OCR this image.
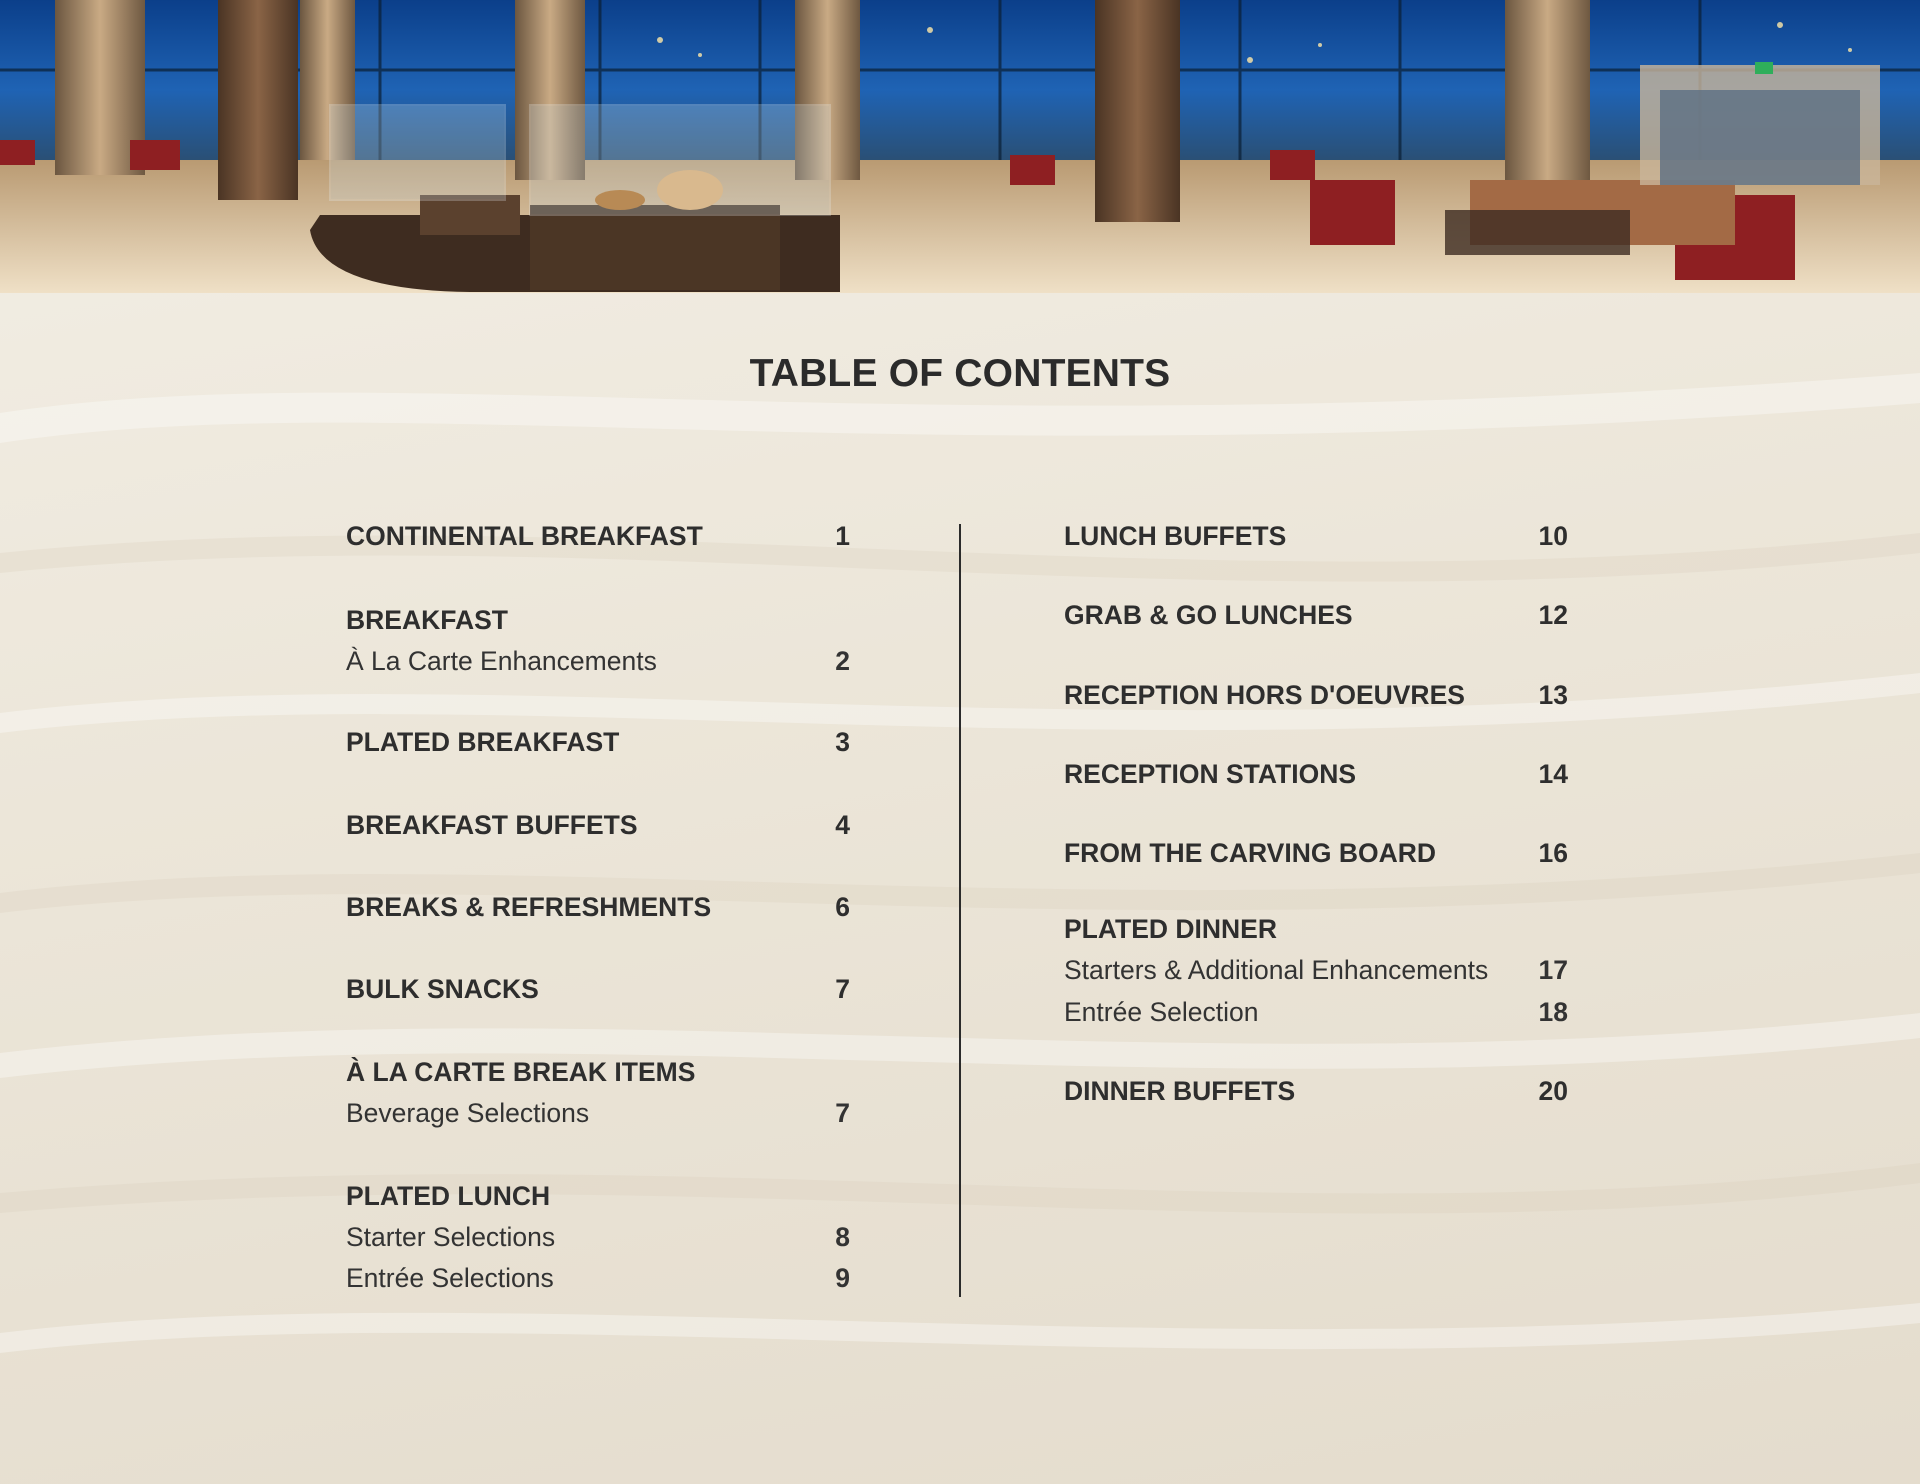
TABLE OF CONTENTS
CONTINENTAL BREAKFAST	1
BREAKFAST
À La Carte Enhancements	2
PLATED BREAKFAST	3
BREAKFAST BUFFETS	4
BREAKS & REFRESHMENTS	6
BULK SNACKS	7
À LA CARTE BREAK ITEMS
Beverage Selections	7
PLATED LUNCH
Starter Selections	8
Entrée Selections	9
LUNCH BUFFETS	10
GRAB & GO LUNCHES	12
RECEPTION HORS D'OEUVRES	13
RECEPTION STATIONS	14
FROM THE CARVING BOARD	16
PLATED DINNER
Starters & Additional Enhancements 17
Entrée Selection	18
DINNER BUFFETS	20
